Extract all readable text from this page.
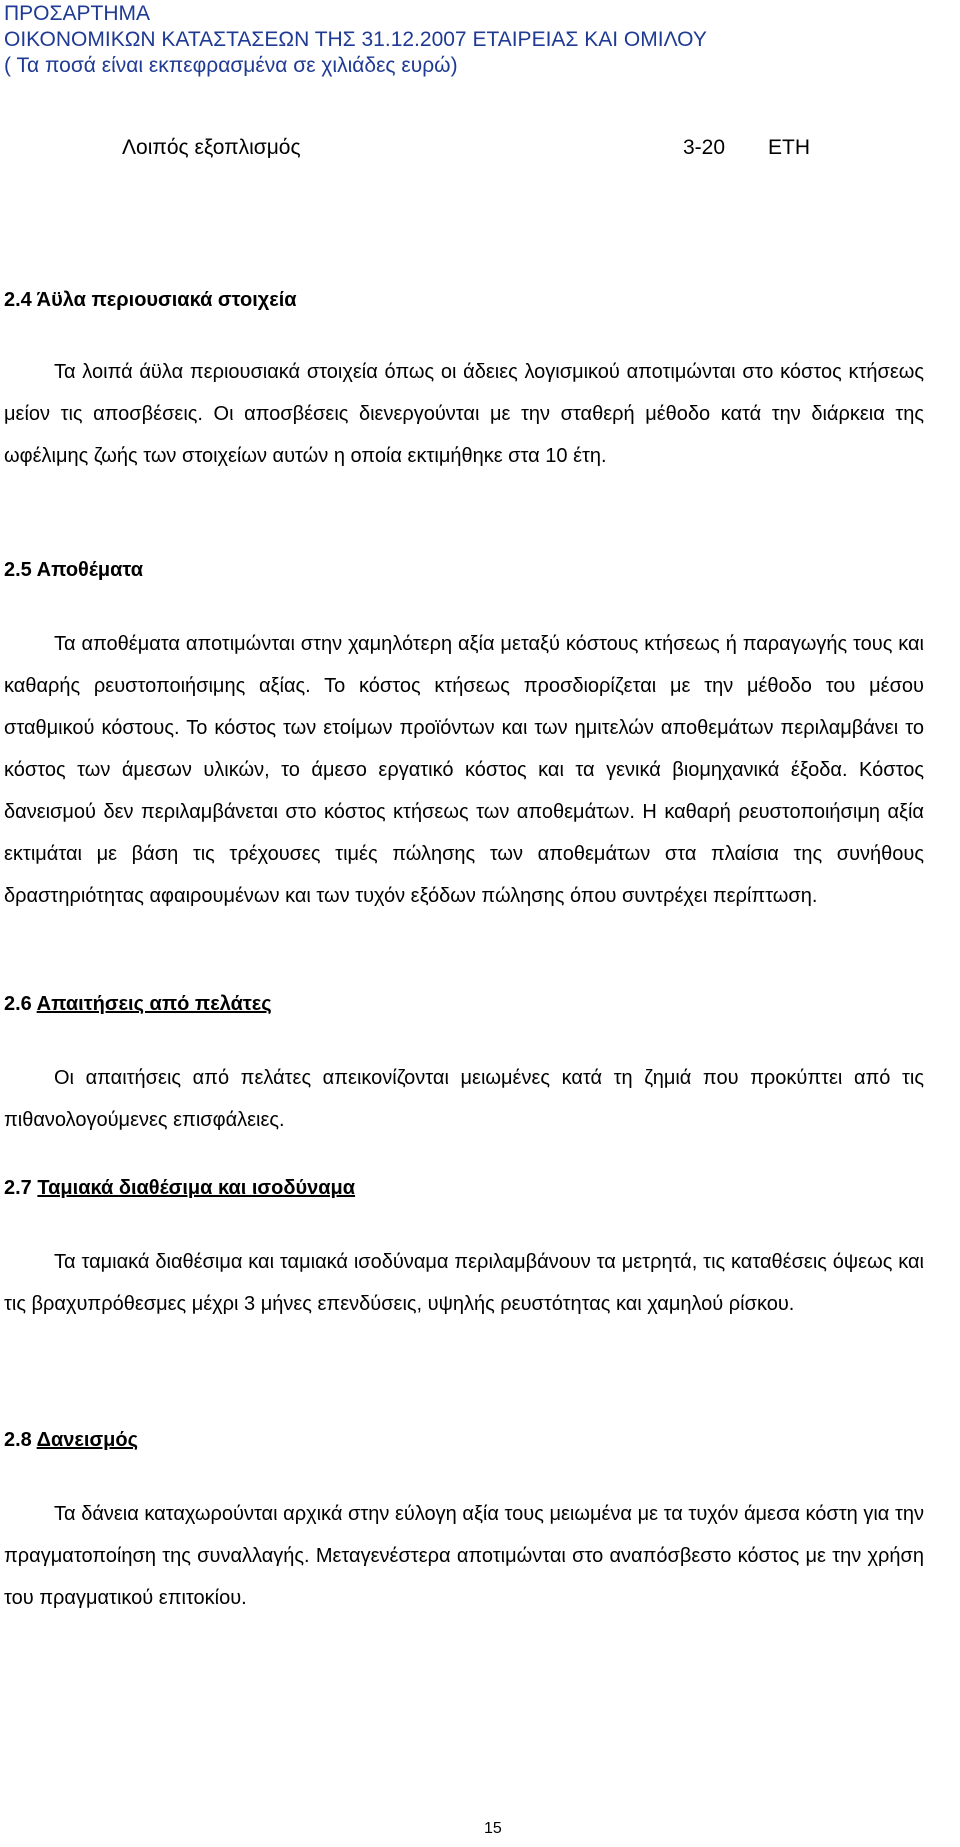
ΠΡΟΣΑΡΤΗΜΑ
ΟΙΚΟΝΟΜΙΚΩΝ ΚΑΤΑΣΤΑΣΕΩΝ ΤΗΣ 31.12.2007 ΕΤΑΙΡΕΙΑΣ ΚΑΙ ΟΜΙΛΟΥ
( Τα ποσά είναι εκπεφρασμένα σε χιλιάδες ευρώ)
Λοιπός εξοπλισμός	3-20 ΕΤΗ
2.4 Άϋλα περιουσιακά στοιχεία
Τα λοιπά άϋλα περιουσιακά στοιχεία όπως οι άδειες λογισμικού αποτιμώνται στο κόστος κτήσεως μείον τις αποσβέσεις. Οι αποσβέσεις διενεργούνται με την σταθερή μέθοδο κατά την διάρκεια της ωφέλιμης ζωής των στοιχείων αυτών η οποία εκτιμήθηκε στα 10 έτη.
2.5 Αποθέματα
Τα αποθέματα αποτιμώνται στην χαμηλότερη αξία μεταξύ κόστους κτήσεως ή παραγωγής τους και καθαρής ρευστοποιήσιμης αξίας. Το κόστος κτήσεως προσδιορίζεται με την μέθοδο του μέσου σταθμικού κόστους. Το κόστος των ετοίμων προϊόντων και των ημιτελών αποθεμάτων περιλαμβάνει το κόστος των άμεσων υλικών, το άμεσο εργατικό κόστος και τα γενικά βιομηχανικά έξοδα. Κόστος δανεισμού δεν περιλαμβάνεται στο κόστος κτήσεως των αποθεμάτων. Η καθαρή ρευστοποιήσιμη αξία εκτιμάται με βάση τις τρέχουσες τιμές πώλησης των αποθεμάτων στα πλαίσια της συνήθους δραστηριότητας αφαιρουμένων και των τυχόν εξόδων πώλησης όπου συντρέχει περίπτωση.
2.6 Απαιτήσεις από πελάτες
Οι απαιτήσεις από πελάτες απεικονίζονται μειωμένες κατά τη ζημιά που προκύπτει από τις πιθανολογούμενες επισφάλειες.
2.7 Ταμιακά διαθέσιμα και ισοδύναμα
Τα ταμιακά διαθέσιμα και ταμιακά ισοδύναμα περιλαμβάνουν τα μετρητά, τις καταθέσεις όψεως και τις βραχυπρόθεσμες μέχρι 3 μήνες επενδύσεις, υψηλής ρευστότητας και χαμηλού ρίσκου.
2.8 Δανεισμός
Τα δάνεια καταχωρούνται αρχικά στην εύλογη αξία τους μειωμένα με τα τυχόν άμεσα κόστη για την πραγματοποίηση της συναλλαγής. Μεταγενέστερα αποτιμώνται στο αναπόσβεστο κόστος με την χρήση του πραγματικού επιτοκίου.
15
